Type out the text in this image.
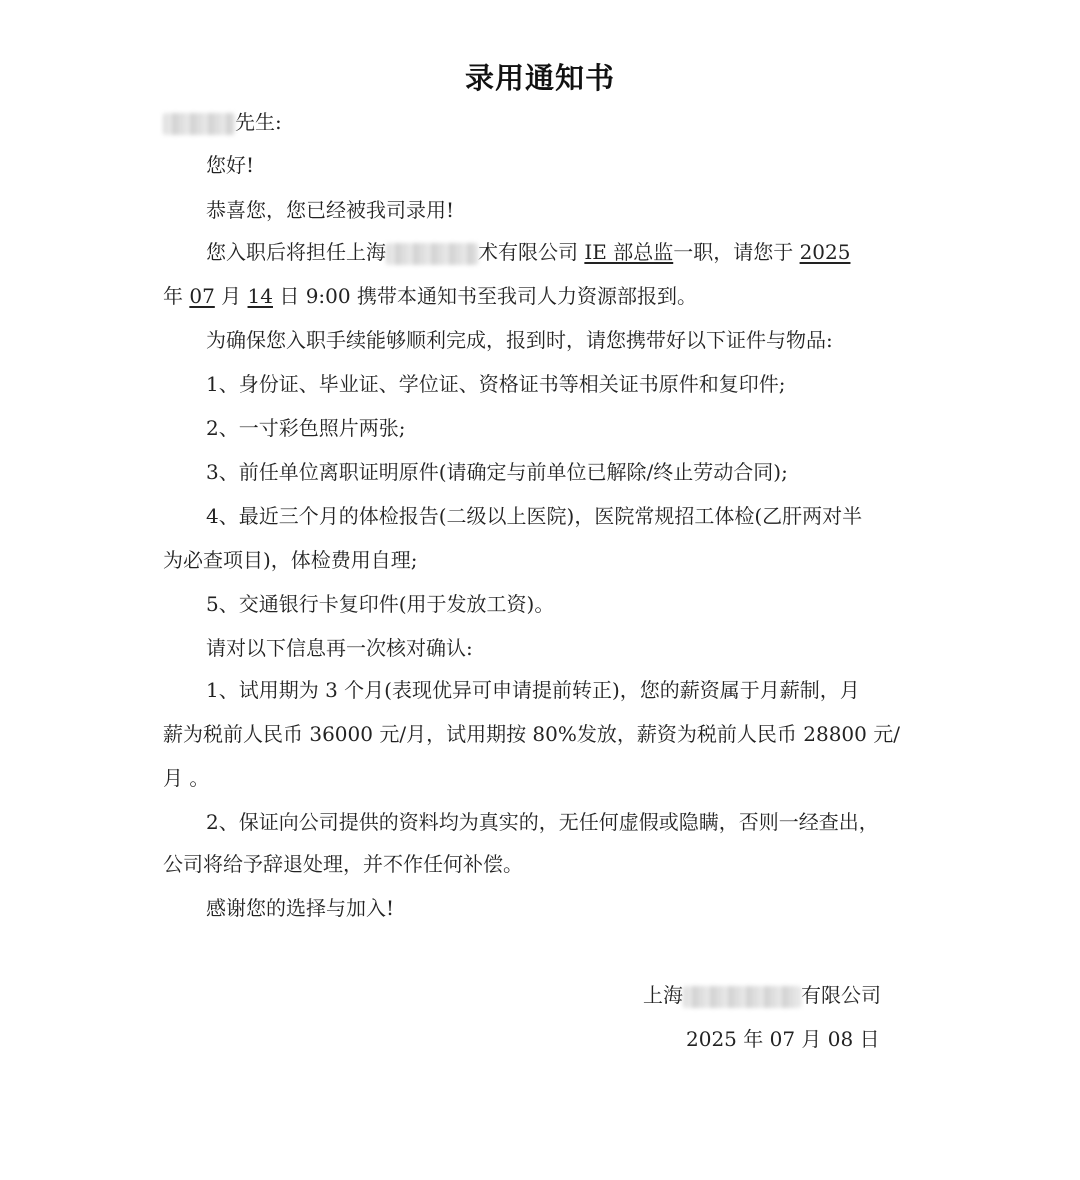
录用通知书
先生:
您好!
恭喜您，您已经被我司录用!
您入职后将担任上海	术有限公司 IE 部总监一职，请您于 2025
年 07 月 14 日 9:00 携带本通知书至我司人力资源部报到。
为确保您入职手续能够顺利完成，报到时，请您携带好以下证件与物品:
1、身份证、毕业证、学位证、资格证书等相关证书原件和复印件;
2、一寸彩色照片两张;
3、前任单位离职证明原件(请确定与前单位已解除/终止劳动合同);
4、最近三个月的体检报告(二级以上医院)，医院常规招工体检(乙肝两对半
为必查项目)，体检费用自理;
5、交通银行卡复印件(用于发放工资)。
请对以下信息再一次核对确认:
1、试用期为 3 个月(表现优异可申请提前转正)，您的薪资属于月薪制，月
薪为税前人民币 36000 元/月，试用期按 80%发放，薪资为税前人民币 28800 元/
月 。
2、保证向公司提供的资料均为真实的，无任何虚假或隐瞒，否则一经查出，
公司将给予辞退处理，并不作任何补偿。
感谢您的选择与加入!
上海	有限公司
2025 年 07 月 08 日
